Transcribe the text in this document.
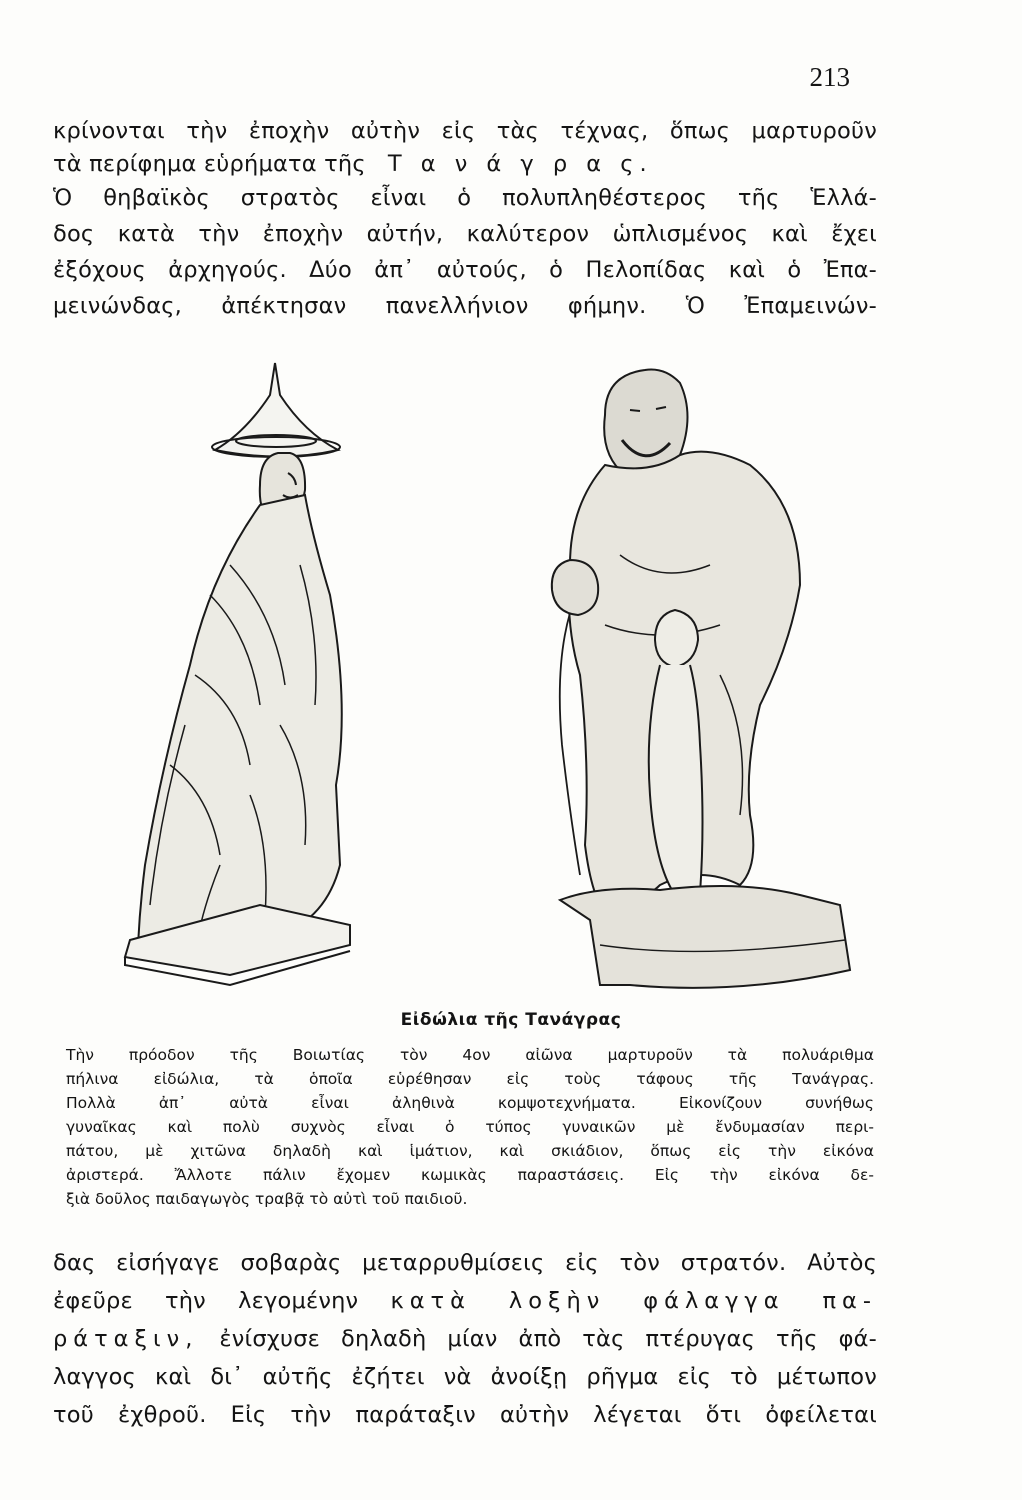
213
κρίνονται τὴν ἐποχὴν αὐτὴν εἰς τὰς τέχνας, ὅπως μαρτυροῦν
τὰ περίφημα εὑρήματα τῆς Τ α ν ά γ ρ α ς.
Ὁ θηβαϊκὸς στρατὸς εἶναι ὁ πολυπληθέστερος τῆς Ἑλλά-
δος κατὰ τὴν ἐποχὴν αὐτήν, καλύτερον ὡπλισμένος καὶ ἔχει
ἐξόχους ἀρχηγούς. Δύο ἀπ᾽ αὐτούς, ὁ Πελοπίδας καὶ ὁ Ἐπα-
μεινώνδας, ἀπέκτησαν πανελλήνιον φήμην. Ὁ Ἐπαμεινών-
Εἰδώλια τῆς Τανάγρας
Τὴν πρόοδον τῆς Βοιωτίας τὸν 4ον αἰῶνα μαρτυροῦν τὰ πολυάριθμα
πήλινα εἰδώλια, τὰ ὁποῖα εὑρέθησαν εἰς τοὺς τάφους τῆς Τανάγρας.
Πολλὰ ἀπ᾽ αὐτὰ εἶναι ἀληθινὰ κομψοτεχνήματα. Εἰκονίζουν συνήθως
γυναῖκας καὶ πολὺ συχνὸς εἶναι ὁ τύπος γυναικῶν μὲ ἔνδυμασίαν περι-
πάτου, μὲ χιτῶνα δηλαδὴ καὶ ἱμάτιον, καὶ σκιάδιον, ὅπως εἰς τὴν εἰκόνα
ἀριστερά. Ἄλλοτε πάλιν ἔχομεν κωμικὰς παραστάσεις. Εἰς τὴν εἰκόνα δε-
ξιὰ δοῦλος παιδαγωγὸς τραβᾷ τὸ αὐτὶ τοῦ παιδιοῦ.
δας εἰσήγαγε σοβαρὰς μεταρρυθμίσεις εἰς τὸν στρατόν. Αὐτὸς
ἐφεῦρε τὴν λεγομένην κατὰ λοξὴν φάλαγγα πα-
ράταξιν, ἐνίσχυσε δηλαδὴ μίαν ἀπὸ τὰς πτέρυγας τῆς φά-
λαγγος καὶ δι᾽ αὐτῆς ἐζήτει νὰ ἀνοίξῃ ρῆγμα εἰς τὸ μέτωπον
τοῦ ἐχθροῦ. Εἰς τὴν παράταξιν αὐτὴν λέγεται ὅτι ὀφείλεται
